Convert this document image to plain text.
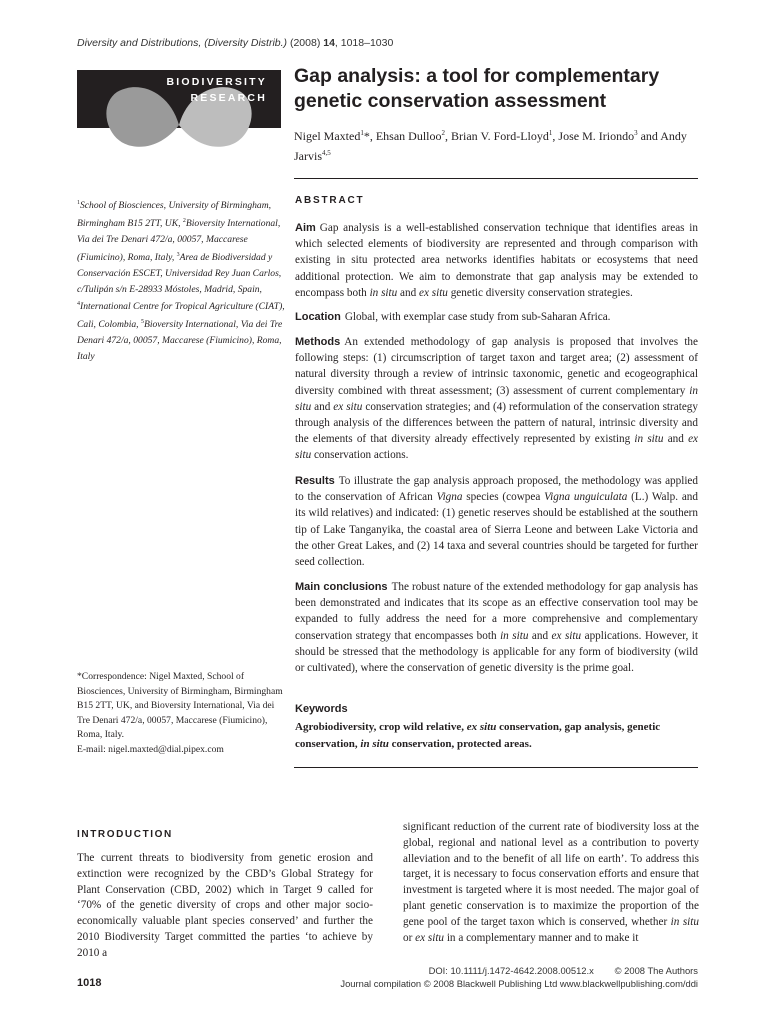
Diversity and Distributions, (Diversity Distrib.) (2008) 14, 1018–1030
BIODIVERSITY
RESEARCH
Gap analysis: a tool for complementary
genetic conservation assessment
Nigel Maxted$^1$*, Ehsan Dulloo$^2$, Brian V. Ford-Lloyd$^1$, Jose M. Iriondo$^3$ and Andy Jarvis$^{4,5}$
$^1$School of Biosciences, University of Birmingham, Birmingham B15 2TT, UK, $^2$Bioversity International, Via dei Tre Denari 472/a, 00057, Maccarese (Fiumicino), Roma, Italy, $^3$Area de Biodiversidad y Conservación ESCET, Universidad Rey Juan Carlos, c/Tulipán s/n E-28933 Móstoles, Madrid, Spain, $^4$International Centre for Tropical Agriculture (CIAT), Cali, Colombia, $^5$Bioversity International, Via dei Tre Denari 472/a, 00057, Maccarese (Fiumicino), Roma, Italy
*Correspondence: Nigel Maxted, School of Biosciences, University of Birmingham, Birmingham B15 2TT, UK, and Bioversity International, Via dei Tre Denari 472/a, 00057, Maccarese (Fiumicino), Roma, Italy.
E-mail: nigel.maxted@dial.pipex.com
ABSTRACT
Aim Gap analysis is a well-established conservation technique that identifies areas in which selected elements of biodiversity are represented and through comparison with existing in situ protected area networks identifies habitats or ecosystems that need additional protection. We aim to demonstrate that gap analysis may be extended to encompass both in situ and ex situ genetic diversity conservation strategies.
Location Global, with exemplar case study from sub-Saharan Africa.
Methods An extended methodology of gap analysis is proposed that involves the following steps: (1) circumscription of target taxon and target area; (2) assessment of natural diversity through a review of intrinsic taxonomic, genetic and ecogeographical diversity combined with threat assessment; (3) assessment of current complementary in situ and ex situ conservation strategies; and (4) reformulation of the conservation strategy through analysis of the differences between the pattern of natural, intrinsic diversity and the elements of that diversity already effectively represented by existing in situ and ex situ conservation actions.
Results To illustrate the gap analysis approach proposed, the methodology was applied to the conservation of African Vigna species (cowpea Vigna unguiculata (L.) Walp. and its wild relatives) and indicated: (1) genetic reserves should be established at the southern tip of Lake Tanganyika, the coastal area of Sierra Leone and between Lake Victoria and the other Great Lakes, and (2) 14 taxa and several countries should be targeted for further seed collection.
Main conclusions The robust nature of the extended methodology for gap analysis has been demonstrated and indicates that its scope as an effective conservation tool may be expanded to fully address the need for a more comprehensive and complementary conservation strategy that encompasses both in situ and ex situ applications. However, it should be stressed that the methodology is applicable for any form of biodiversity (wild or cultivated), where the conservation of genetic diversity is the prime goal.
Keywords
Agrobiodiversity, crop wild relative, ex situ conservation, gap analysis, genetic conservation, in situ conservation, protected areas.
INTRODUCTION
The current threats to biodiversity from genetic erosion and extinction were recognized by the CBD’s Global Strategy for Plant Conservation (CBD, 2002) which in Target 9 called for ‘70% of the genetic diversity of crops and other major socio-economically valuable plant species conserved’ and further the 2010 Biodiversity Target committed the parties ‘to achieve by 2010 a
significant reduction of the current rate of biodiversity loss at the global, regional and national level as a contribution to poverty alleviation and to the benefit of all life on earth’. To address this target, it is necessary to focus conservation efforts and ensure that investment is targeted where it is most needed. The major goal of plant genetic conservation is to maximize the proportion of the gene pool of the target taxon which is conserved, whether in situ or ex situ in a complementary manner and to make it
1018
DOI: 10.1111/j.1472-4642.2008.00512.x        © 2008 The Authors
Journal compilation © 2008 Blackwell Publishing Ltd www.blackwellpublishing.com/ddi
